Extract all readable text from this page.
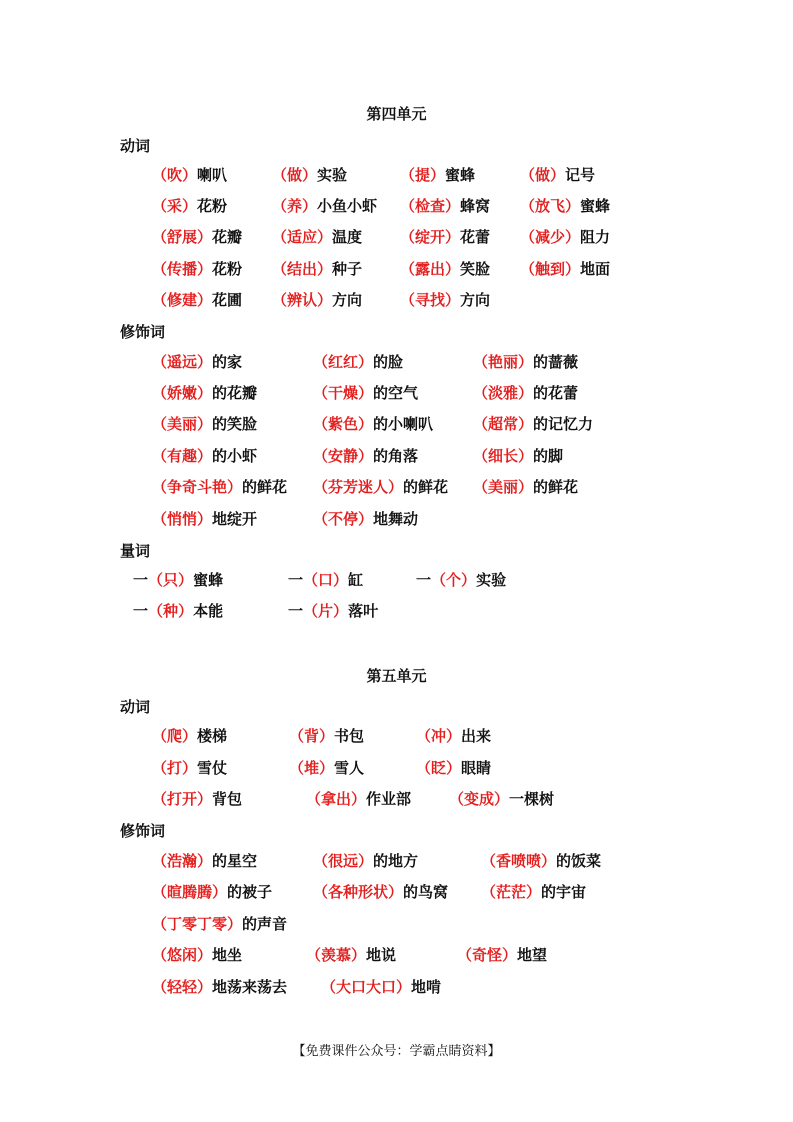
第四单元
动词
（吹）喇叭	（做）实验	（提）蜜蜂	（做）记号
（采）花粉	（养）小鱼小虾 （检查）蜂窝 （放飞）蜜蜂
（舒展）花瓣 （适应）温度	（绽开）花蕾 （减少）阻力
（传播）花粉 （结出）种子	（露出）笑脸 （触到）地面
（修建）花圃 （辨认）方向	（寻找）方向
修饰词
（遥远）的家	（红红）的脸	（艳丽）的蔷薇
（娇嫩）的花瓣	（干燥）的空气	（淡雅）的花蕾
（美丽）的笑脸	（紫色）的小喇叭	（超常）的记忆力
（有趣）的小虾	（安静）的角落	（细长）的脚
（争奇斗艳）的鲜花 （芬芳迷人）的鲜花 （美丽）的鲜花
（悄悄）地绽开	（不停）地舞动
量词
一（只）蜜蜂	一（口）缸	一（个）实验
一（种）本能	一（片）落叶
第五单元
动词
（爬）楼梯	（背）书包	（冲）出来
（打）雪仗	（堆）雪人	（眨）眼睛
（打开）背包	（拿出）作业部	（变成）一棵树
修饰词
（浩瀚）的星空	（很远）的地方	（香喷喷）的饭菜
（暄腾腾）的被子	（各种形状）的鸟窝 （茫茫）的宇宙
（丁零丁零）的声音
（悠闲）地坐	（羡慕）地说	（奇怪）地望
（轻轻）地荡来荡去 （大口大口）地啃
【免费课件公众号：学霸点睛资料】
